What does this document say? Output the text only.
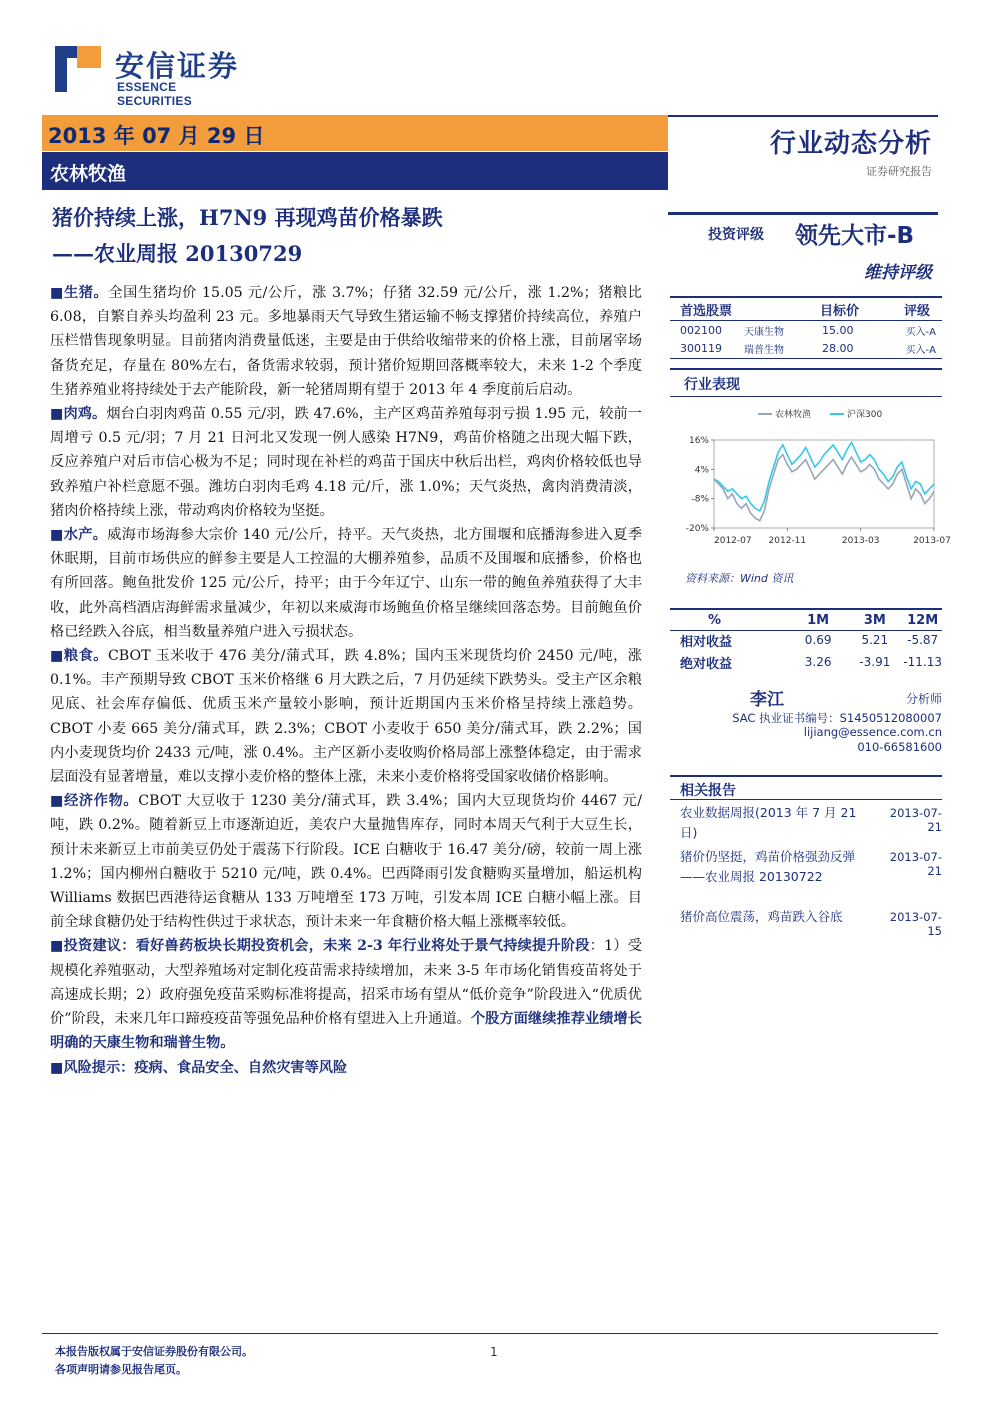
安信证券
ESSENCE SECURITIES
2013 年 07 月 29 日
农林牧渔
行业动态分析
证券研究报告
猪价持续上涨，H7N9 再现鸡苗价格暴跌
——农业周报 20130729

■生猪。全国生猪均价 15.05 元/公斤，涨 3.7%；仔猪 32.59 元/公斤，涨 1.2%；猪粮比 6.08，自繁自养头均盈利 23 元。多地暴雨天气导致生猪运输不畅支撑猪价持续高位，养殖户压栏惜售现象明显。目前猪肉消费量低迷，主要是由于供给收缩带来的价格上涨，目前屠宰场备货充足，存量在 80%左右，备货需求较弱，预计猪价短期回落概率较大，未来 1-2 个季度生猪养殖业将持续处于去产能阶段，新一轮猪周期有望于 2013 年 4 季度前后启动。

■肉鸡。烟台白羽肉鸡苗 0.55 元/羽，跌 47.6%，主产区鸡苗养殖每羽亏损 1.95 元，较前一周增亏 0.5 元/羽；7 月 21 日河北又发现一例人感染 H7N9，鸡苗价格随之出现大幅下跌，反应养殖户对后市信心极为不足；同时现在补栏的鸡苗于国庆中秋后出栏，鸡肉价格较低也导致养殖户补栏意愿不强。潍坊白羽肉毛鸡 4.18 元/斤，涨 1.0%；天气炎热，禽肉消费清淡，猪肉价格持续上涨，带动鸡肉价格较为坚挺。

■水产。威海市场海参大宗价 140 元/公斤，持平。天气炎热，北方围堰和底播海参进入夏季休眠期，目前市场供应的鲜参主要是人工控温的大棚养殖参，品质不及围堰和底播参，价格也有所回落。鲍鱼批发价 125 元/公斤，持平；由于今年辽宁、山东一带的鲍鱼养殖获得了大丰收，此外高档酒店海鲜需求量减少，年初以来威海市场鲍鱼价格呈继续回落态势。目前鲍鱼价格已经跌入谷底，相当数量养殖户进入亏损状态。

■粮食。CBOT 玉米收于 476 美分/蒲式耳，跌 4.8%；国内玉米现货均价 2450 元/吨，涨 0.1%。丰产预期导致 CBOT 玉米价格继 6 月大跌之后，7 月仍延续下跌势头。受主产区余粮见底、社会库存偏低、优质玉米产量较小影响，预计近期国内玉米价格呈持续上涨趋势。CBOT 小麦 665 美分/蒲式耳，跌 2.3%；CBOT 小麦收于 650 美分/蒲式耳，跌 2.2%；国内小麦现货均价 2433 元/吨，涨 0.4%。主产区新小麦收购价格局部上涨整体稳定，由于需求层面没有显著增量，难以支撑小麦价格的整体上涨，未来小麦价格将受国家收储价格影响。

■经济作物。CBOT 大豆收于 1230 美分/蒲式耳，跌 3.4%；国内大豆现货均价 4467 元/吨，跌 0.2%。随着新豆上市逐渐迫近，美农户大量抛售库存，同时本周天气利于大豆生长，预计未来新豆上市前美豆仍处于震荡下行阶段。ICE 白糖收于 16.47 美分/磅，较前一周上涨 1.2%；国内柳州白糖收于 5210 元/吨，跌 0.4%。巴西降雨引发食糖购买量增加，船运机构 Williams 数据巴西港待运食糖从 133 万吨增至 173 万吨，引发本周 ICE 白糖小幅上涨。目前全球食糖仍处于结构性供过于求状态，预计未来一年食糖价格大幅上涨概率较低。

■投资建议：看好兽药板块长期投资机会，未来 2-3 年行业将处于景气持续提升阶段：1）受规模化养殖驱动，大型养殖场对定制化疫苗需求持续增加，未来 3-5 年市场化销售疫苗将处于高速成长期；2）政府强免疫苗采购标准将提高，招采市场有望从“低价竞争”阶段进入“优质优价”阶段，未来几年口蹄疫疫苗等强免品种价格有望进入上升通道。个股方面继续推荐业绩增长明确的天康生物和瑞普生物。

■风险提示：疫病、食品安全、自然灾害等风险

投资评级 领先大市-B
维持评级
首选股票	目标价	评级
002100	天康生物	15.00	买入-A
300119	瑞普生物	28.00	买入-A
行业表现
农林牧渔	沪深300
16%
4%
-8%
-20%
2012-07 2012-11	2013-03	2013-07
资料来源：Wind 资讯
%	1M	3M	12M
相对收益	0.69	5.21	-5.87
绝对收益	3.26	-3.91	-11.13
李江	分析师
SAC 执业证书编号：S1450512080007
lijiang@essence.com.cn
010-66581600
相关报告
农业数据周报(2013 年 7 月 21 日)
2013-07-21
猪价仍坚挺，鸡苗价格强劲反弹——农业周报 20130722
2013-07-21
猪价高位震荡，鸡苗跌入谷底	2013-07-15
本报告版权属于安信证券股份有限公司。
各项声明请参见报告尾页。
1
